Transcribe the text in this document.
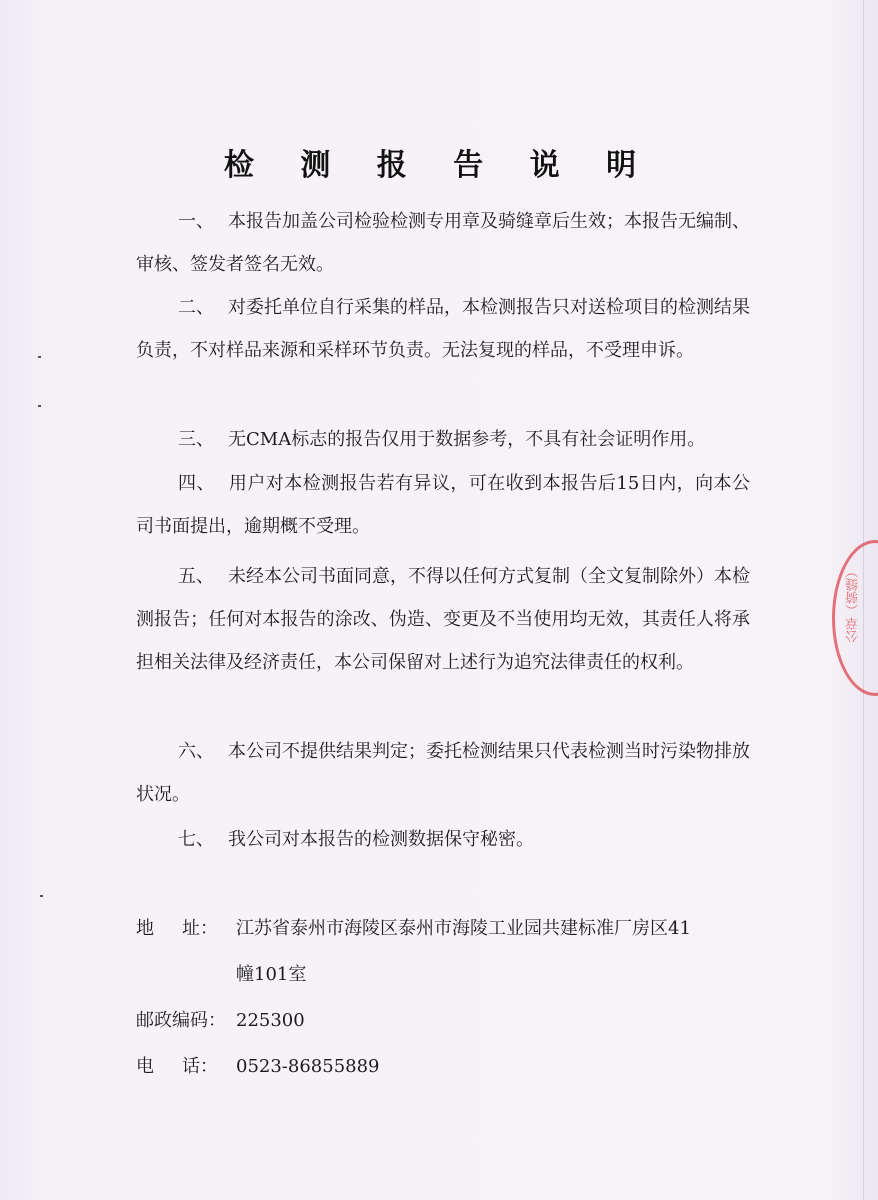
检 测 报 告 说 明
一、 本报告加盖公司检验检测专用章及骑缝章后生效；本报告无编制、审核、签发者签名无效。
二、 对委托单位自行采集的样品，本检测报告只对送检项目的检测结果负责，不对样品来源和采样环节负责。无法复现的样品，不受理申诉。
三、 无CMA标志的报告仅用于数据参考，不具有社会证明作用。
四、 用户对本检测报告若有异议，可在收到本报告后15日内，向本公司书面提出，逾期概不受理。
五、 未经本公司书面同意，不得以任何方式复制（全文复制除外）本检测报告；任何对本报告的涂改、伪造、变更及不当使用均无效，其责任人将承担相关法律及经济责任，本公司保留对上述行为追究法律责任的权利。
六、 本公司不提供结果判定；委托检测结果只代表检测当时污染物排放状况。
七、 我公司对本报告的检测数据保守秘密。
地 址： 江苏省泰州市海陵区泰州市海陵工业园共建标准厂房区41
幢101室
邮政编码： 225300
电 话： 0523-86855889
公章（骑缝）
